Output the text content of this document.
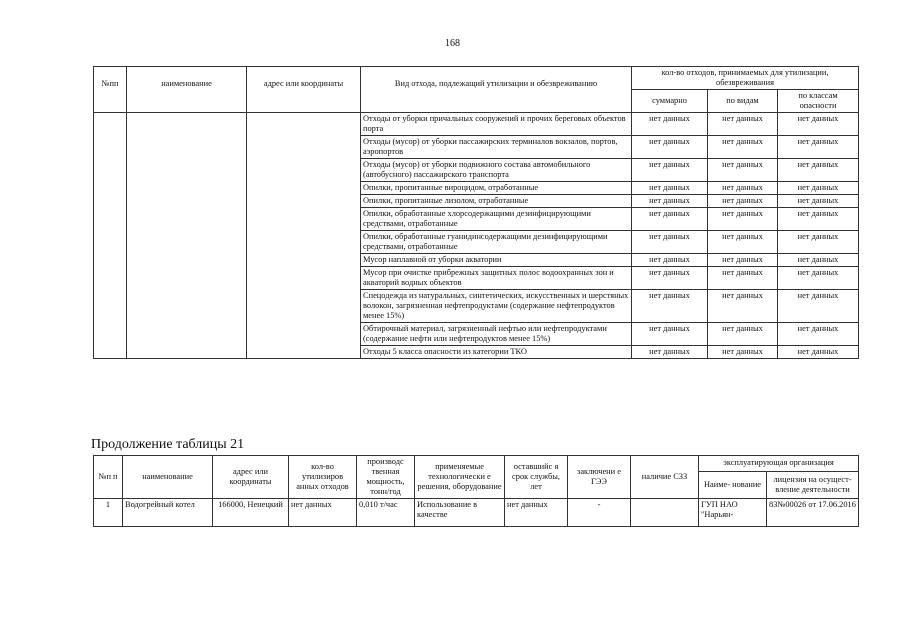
168
№пп	наименование	адрес или координаты	Вид отхода, подлежащий утилизации и обезвреживанию	кол-во отходов, принимаемых для утилизации, обезвреживания		
				суммарно	по видам	по классам опасности
			Отходы от уборки причальных сооружений и прочих береговых объектов порта	нет данных	нет данных	нет данных
			Отходы (мусор) от уборки пассажирских терминалов вокзалов, портов, аэропортов	нет данных	нет данных	нет данных
			Отходы (мусор) от уборки подвижного состава автомобильного (автобусного) пассажирского транспорта	нет данных	нет данных	нет данных
			Опилки, пропитанные вироцидом, отработанные	нет данных	нет данных	нет данных
			Опилки, пропитанные лизолом, отработанные	нет данных	нет данных	нет данных
			Опилки, обработанные хлорсодержащими дезинфицирующими средствами, отработанные	нет данных	нет данных	нет данных
			Опилки, обработанные гуанидинсодержащими дезинфицирующими средствами, отработанные	нет данных	нет данных	нет данных
			Мусор наплавной от уборки акватории	нет данных	нет данных	нет данных
			Мусор при очистке прибрежных защитных полос водоохранных зон и акваторий водных объектов	нет данных	нет данных	нет данных
			Спецодежда из натуральных, синтетических, искусственных и шерстяных волокон, загрязненная нефтепродуктами (содержание нефтепродуктов менее 15%)	нет данных	нет данных	нет данных
			Обтирочный материал, загрязненный нефтью или нефтепродуктами (содержание нефти или нефтепродуктов менее 15%)	нет данных	нет данных	нет данных
			Отходы 5 класса опасности из категории ТКО	нет данных	нет данных	нет данных
Продолжение таблицы 21
№п п	наименование	адрес или координаты	кол-во утилизиров анных отходов	производс твенная мощность, тонн/год	применяемые технологически е решения, оборудование	оставшийс я срок службы, лет	заключени е ГЭЭ	наличие СЗЗ	эксплуатирующая организация	
									Наиме- нование	лицензия на осущест- вление деятельности
1	Водогрейный котел	166000, Ненецкий	нет данных	0,010 т/час	Использование в качестве	нет данных	-		ГУП НАО "Нарьян-	83№00026 от 17.06.2016
